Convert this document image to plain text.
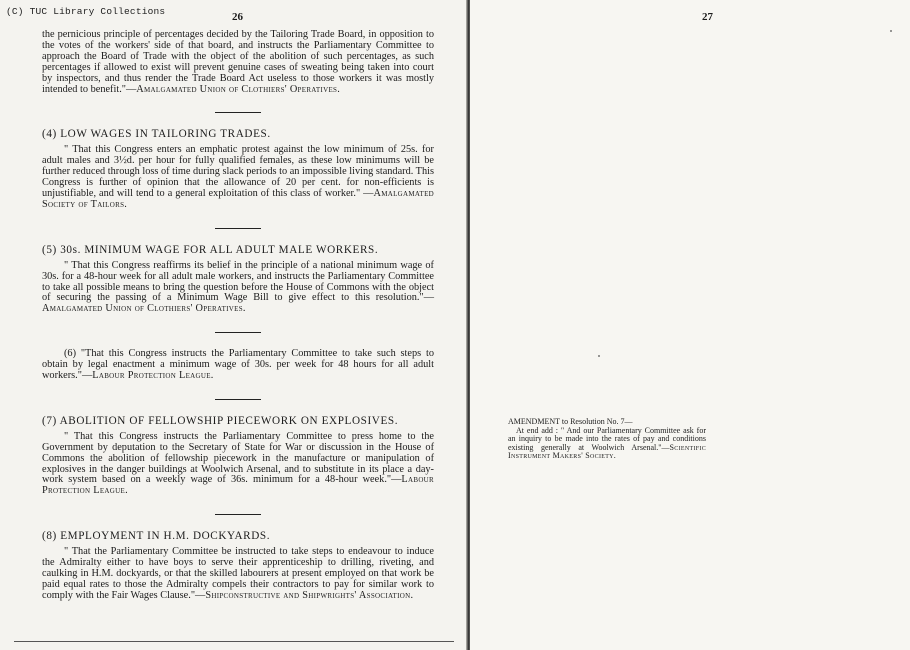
26

the pernicious principle of percentages decided by the Tailoring Trade Board, in opposition to the votes of the workers' side of that board, and instructs the Parliamentary Committee to approach the Board of Trade with the object of the abolition of such percentages, as such percentages if allowed to exist will prevent genuine cases of sweating being taken into court by inspectors, and thus render the Trade Board Act useless to those workers it was mostly intended to benefit."—Amalgamated Union of Clothiers' Operatives.

(4) LOW WAGES IN TAILORING TRADES.

" That this Congress enters an emphatic protest against the low minimum of 25s. for adult males and 3½d. per hour for fully qualified females, as these low minimums will be further reduced through loss of time during slack periods to an impossible living standard. This Congress is further of opinion that the allowance of 20 per cent. for non-efficients is unjustifiable, and will tend to a general exploitation of this class of worker." —Amalgamated Society of Tailors.

(5) 30s. MINIMUM WAGE FOR ALL ADULT MALE WORKERS.

" That this Congress reaffirms its belief in the principle of a national minimum wage of 30s. for a 48-hour week for all adult male workers, and instructs the Parliamentary Committee to take all possible means to bring the question before the House of Commons with the object of securing the passing of a Minimum Wage Bill to give effect to this resolution."—Amalgamated Union of Clothiers' Operatives.

(6) "That this Congress instructs the Parliamentary Committee to take such steps to obtain by legal enactment a minimum wage of 30s. per week for 48 hours for all adult workers."—Labour Protection League.

(7) ABOLITION OF FELLOWSHIP PIECEWORK ON EXPLOSIVES.

" That this Congress instructs the Parliamentary Committee to press home to the Government by deputation to the Secretary of State for War or discussion in the House of Commons the abolition of fellowship piecework in the manufacture or manipulation of explosives in the danger buildings at Woolwich Arsenal, and to substitute in its place a day-work system based on a weekly wage of 36s. minimum for a 48-hour week."—Labour Protection League.

(8) EMPLOYMENT IN H.M. DOCKYARDS.

" That the Parliamentary Committee be instructed to take steps to endeavour to induce the Admiralty either to have boys to serve their apprenticeship to drilling, riveting, and caulking in H.M. dockyards, or that the skilled labourers at present employed on that work be paid equal rates to those the Admiralty compels their contractors to pay for similar work to comply with the Fair Wages Clause."—Shipconstructive and Shipwrights' Association.

27

AMENDMENT to Resolution No. 7—

At end add : " And our Parliamentary Committee ask for an inquiry to be made into the rates of pay and conditions existing generally at Woolwich Arsenal."—Scientific Instrument Makers' Society.

(C) TUC Library Collections
